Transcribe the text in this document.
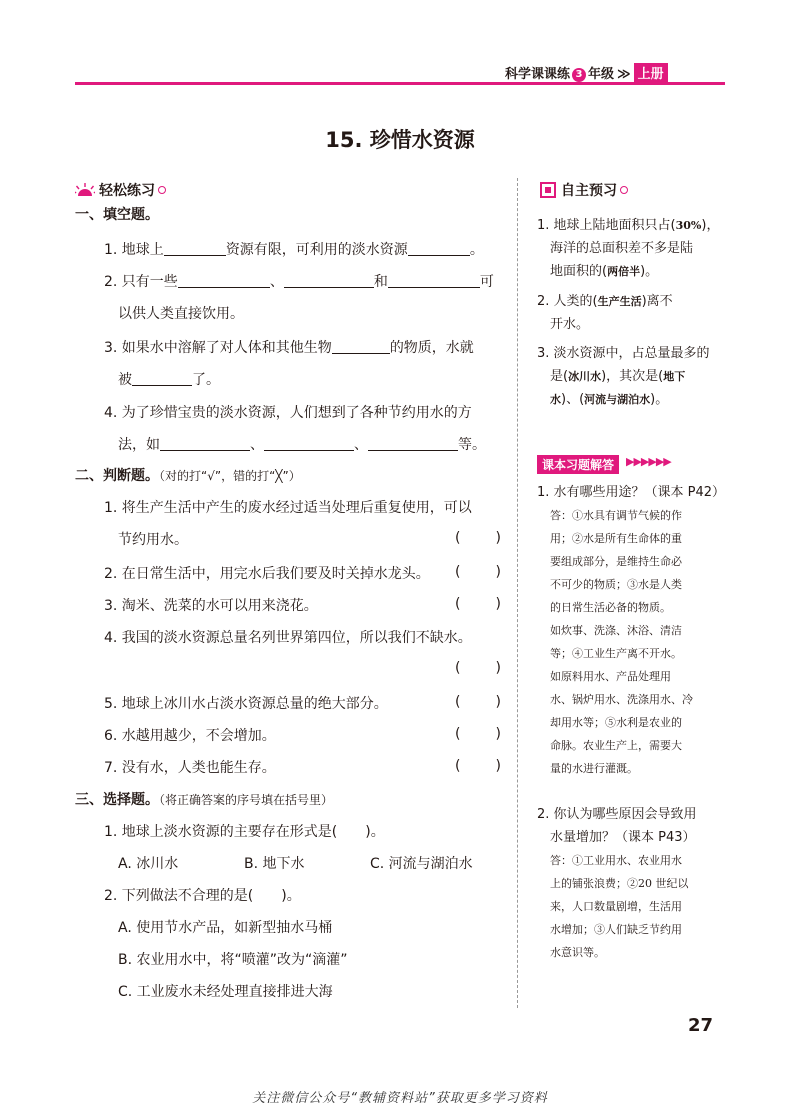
科学课课练 3 年级 ≫ 上册
15. 珍惜水资源
轻松练习
一、填空题。
1. 地球上	资源有限，可利用的淡水资源	。
2. 只有一些	、	和	可
以供人类直接饮用。
3. 如果水中溶解了对人体和其他生物	的物质，水就
被	了。
4. 为了珍惜宝贵的淡水资源，人们想到了各种节约用水的方
法，如	、	、	等。
二、判断题。（对的打“√”，错的打“╳”）
1. 将生产生活中产生的废水经过适当处理后重复使用，可以
节约用水。	(	)
2. 在日常生活中，用完水后我们要及时关掉水龙头。 (	)
3. 淘米、洗菜的水可以用来浇花。	(	)
4. 我国的淡水资源总量名列世界第四位，所以我们不缺水。
(	)
5. 地球上冰川水占淡水资源总量的绝大部分。	(	)
6. 水越用越少，不会增加。	(	)
7. 没有水，人类也能生存。	(	)
三、选择题。（将正确答案的序号填在括号里）
1. 地球上淡水资源的主要存在形式是(　　)。
A. 冰川水	B. 地下水	C. 河流与湖泊水
2. 下列做法不合理的是(　　)。
A. 使用节水产品，如新型抽水马桶
B. 农业用水中，将“喷灌”改为“滴灌”
C. 工业废水未经处理直接排进大海
自主预习

1. 地球上陆地面积只占(30%)，

海洋的总面积差不多是陆

地面积的(两倍半)。

2. 人类的(生产生活)离不

开水。

3. 淡水资源中，占总量最多的

是(冰川水)，其次是(地下

水)、(河流与湖泊水)。

课本习题解答	▶▶▶▶▶▶

1. 水有哪些用途？（课本 P42）

答：①水具有调节气候的作

用；②水是所有生命体的重

要组成部分，是维持生命必

不可少的物质；③水是人类

的日常生活必备的物质。

如炊事、洗涤、沐浴、清洁

等；④工业生产离不开水。

如原料用水、产品处理用

水、锅炉用水、洗涤用水、冷

却用水等；⑤水利是农业的

命脉。农业生产上，需要大

量的水进行灌溉。

2. 你认为哪些原因会导致用

水量增加？（课本 P43）

答：①工业用水、农业用水

上的铺张浪费；②20 世纪以

来，人口数量剧增，生活用

水增加；③人们缺乏节约用

水意识等。

27
关注微信公众号“教辅资料站”获取更多学习资料
